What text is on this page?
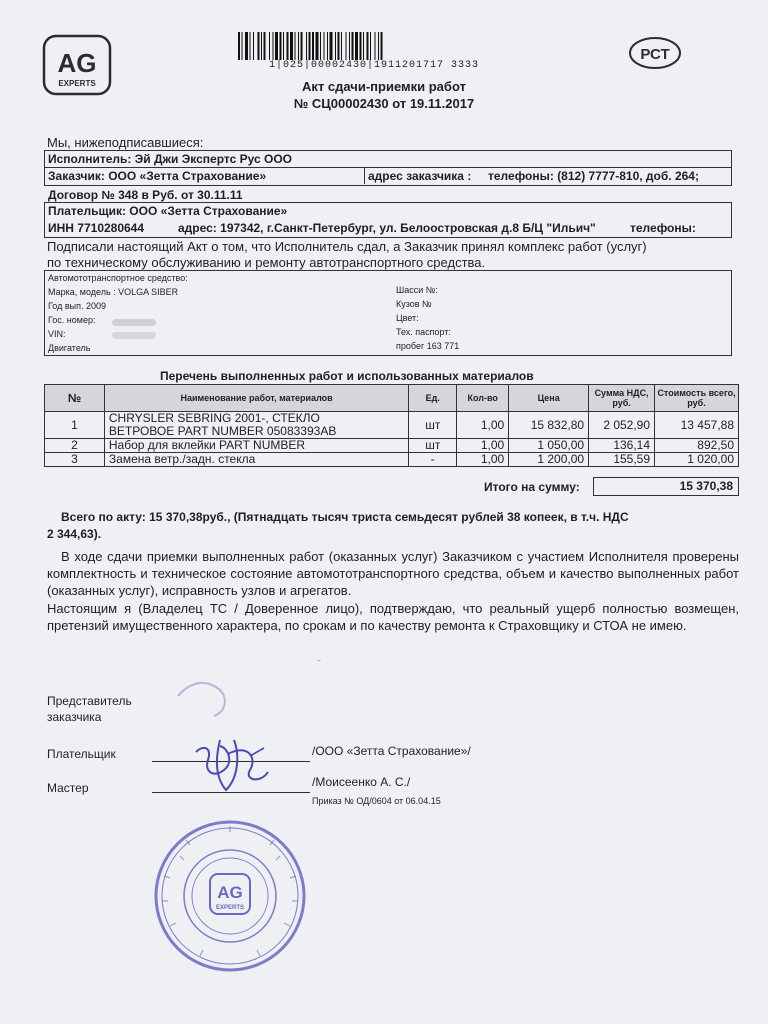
AG
EXPERTS
1|025|00002430|1911201717 3333
РСТ
Акт сдачи-приемки работ
№ СЦ00002430 от 19.11.2017
Мы, нижеподписавшиеся:
Исполнитель: Эй Джи Экспертс Рус ООО
Заказчик: ООО «Зетта Страхование»	адрес заказчика : телефоны: (812) 7777-810, доб. 264;
Договор № 348 в Руб. от 30.11.11
Плательщик: ООО «Зетта Страхование»
ИНН 7710280644	адрес: 197342, г.Санкт-Петербург, ул. Белоостровская д.8 Б/Ц "Ильич"	телефоны:
Подписали настоящий Акт о том, что Исполнитель сдал, а Заказчик принял комплекс работ (услуг)
по техническому обслуживанию и ремонту автотранспортного средства.
Автомототранспортное средство:
Марка, модель : VOLGA SIBER
Год вып. 2009
Гос. номер:
VIN:
Двигатель
Шасси №:
Кузов №
Цвет:
Тех. паспорт:
пробег 163 771
Перечень выполненных работ и использованных материалов
№	Наименование работ, материалов	Ед.	Кол-во	Цена	Сумма НДС, руб.	Стоимость всего, руб.
1	CHRYSLER SEBRING 2001-, СТЕКЛО
ВЕТРОВОЕ PART NUMBER 05083393AB	шт	1,00	15 832,80	2 052,90	13 457,88
2	Набор для вклейки PART NUMBER	шт	1,00	1 050,00	136,14	892,50
3	Замена ветр./задн. стекла	-	1,00	1 200,00	155,59	1 020,00
Итого на сумму:	15 370,38
Всего по акту: 15 370,38руб., (Пятнадцать тысяч триста семьдесят рублей 38 копеек, в т.ч. НДС
2 344,63).
В ходе сдачи приемки выполненных работ (оказанных услуг) Заказчиком с участием Исполнителя проверены комплектность и техническое состояние автомототранспортного средства, объем и качество выполненных работ (оказанных услуг), исправность узлов и агрегатов.
Настоящим я (Владелец ТС / Доверенное лицо), подтверждаю, что реальный ущерб полностью возмещен, претензий имущественного характера, по срокам и по качеству ремонта к Страховщику и СТОА не имею.
Представитель
заказчика
Плательщик	/ООО «Зетта Страхование»/
Мастер	/Моисеенко А. С./
Приказ № ОД/0604 от 06.04.15
AG
EXPERTS
